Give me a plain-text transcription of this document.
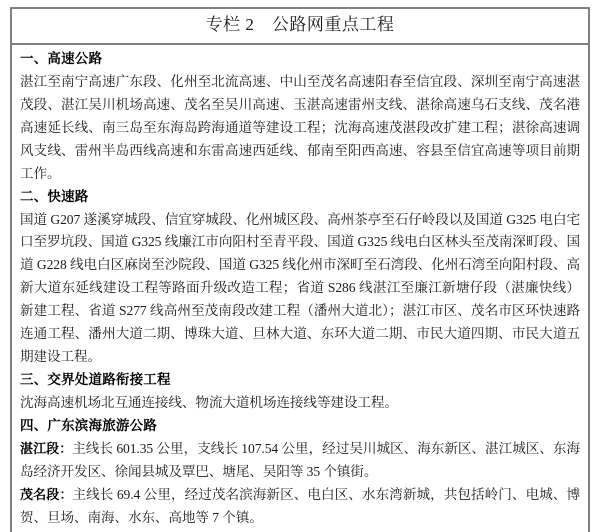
专栏 2　公路网重点工程
一、高速公路
湛江至南宁高速广东段、化州至北流高速、中山至茂名高速阳春至信宜段、深圳至南宁高速湛茂段、湛江吴川机场高速、茂名至吴川高速、玉湛高速雷州支线、湛徐高速乌石支线、茂名港高速延长线、南三岛至东海岛跨海通道等建设工程；沈海高速茂湛段改扩建工程；湛徐高速调风支线、雷州半岛西线高速和东雷高速西延线、郁南至阳西高速、容县至信宜高速等项目前期工作。
二、快速路
国道 G207 遂溪穿城段、信宜穿城段、化州城区段、高州茶亭至石仔岭段以及国道 G325 电白宅口至罗坑段、国道 G325 线廉江市向阳村至青平段、国道 G325 线电白区林头至茂南深町段、国道 G228 线电白区麻岗至沙院段、国道 G325 线化州市深町至石湾段、化州石湾至向阳村段、高新大道东延线建设工程等路面升级改造工程；省道 S286 线湛江至廉江新塘仔段（湛廉快线）新建工程、省道 S277 线高州至茂南段改建工程（潘州大道北）；湛江市区、茂名市区环快速路连通工程、潘州大道二期、博珠大道、旦林大道、东环大道二期、市民大道四期、市民大道五期建设工程。
三、交界处道路衔接工程
沈海高速机场北互通连接线、物流大道机场连接线等建设工程。
四、广东滨海旅游公路
湛江段：主线长 601.35 公里，支线长 107.54 公里，经过吴川城区、海东新区、湛江城区、东海岛经济开发区、徐闻县城及覃巴、塘尾、吴阳等 35 个镇街。
茂名段：主线长 69.4 公里，经过茂名滨海新区、电白区、水东湾新城，共包括岭门、电城、博贺、旦场、南海、水东、高地等 7 个镇。
